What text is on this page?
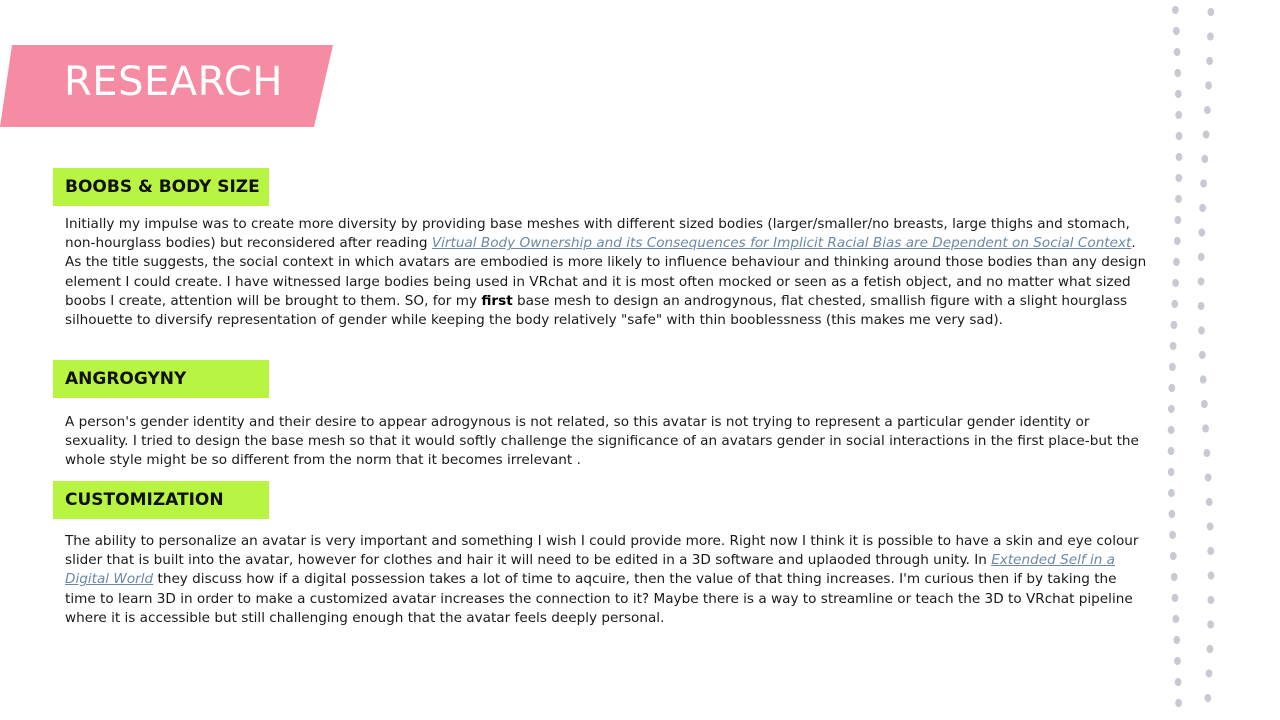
RESEARCH
BOOBS & BODY SIZE

Initially my impulse was to create more diversity by providing base meshes with different sized bodies (larger/smaller/no breasts, large thighs and stomach, non-hourglass bodies) but reconsidered after reading Virtual Body Ownership and its Consequences for Implicit Racial Bias are Dependent on Social Context. As the title suggests, the social context in which avatars are embodied is more likely to influence behaviour and thinking around those bodies than any design element I could create. I have witnessed large bodies being used in VRchat and it is most often mocked or seen as a fetish object, and no matter what sized boobs I create, attention will be brought to them. SO, for my first base mesh to design an androgynous, flat chested, smallish figure with a slight hourglass silhouette to diversify representation of gender while keeping the body relatively "safe" with thin booblessness (this makes me very sad).

ANGROGYNY

A person's gender identity and their desire to appear adrogynous is not related, so this avatar is not trying to represent a particular gender identity or sexuality. I tried to design the base mesh so that it would softly challenge the significance of an avatars gender in social interactions in the first place-but the whole style might be so different from the norm that it becomes irrelevant .

CUSTOMIZATION

The ability to personalize an avatar is very important and something I wish I could provide more. Right now I think it is possible to have a skin and eye colour slider that is built into the avatar, however for clothes and hair it will need to be edited in a 3D software and uplaoded through unity. In Extended Self in a Digital World they discuss how if a digital possession takes a lot of time to aqcuire, then the value of that thing increases. I'm curious then if by taking the time to learn 3D in order to make a customized avatar increases the connection to it? Maybe there is a way to streamline or teach the 3D to VRchat pipeline where it is accessible but still challenging enough that the avatar feels deeply personal.
